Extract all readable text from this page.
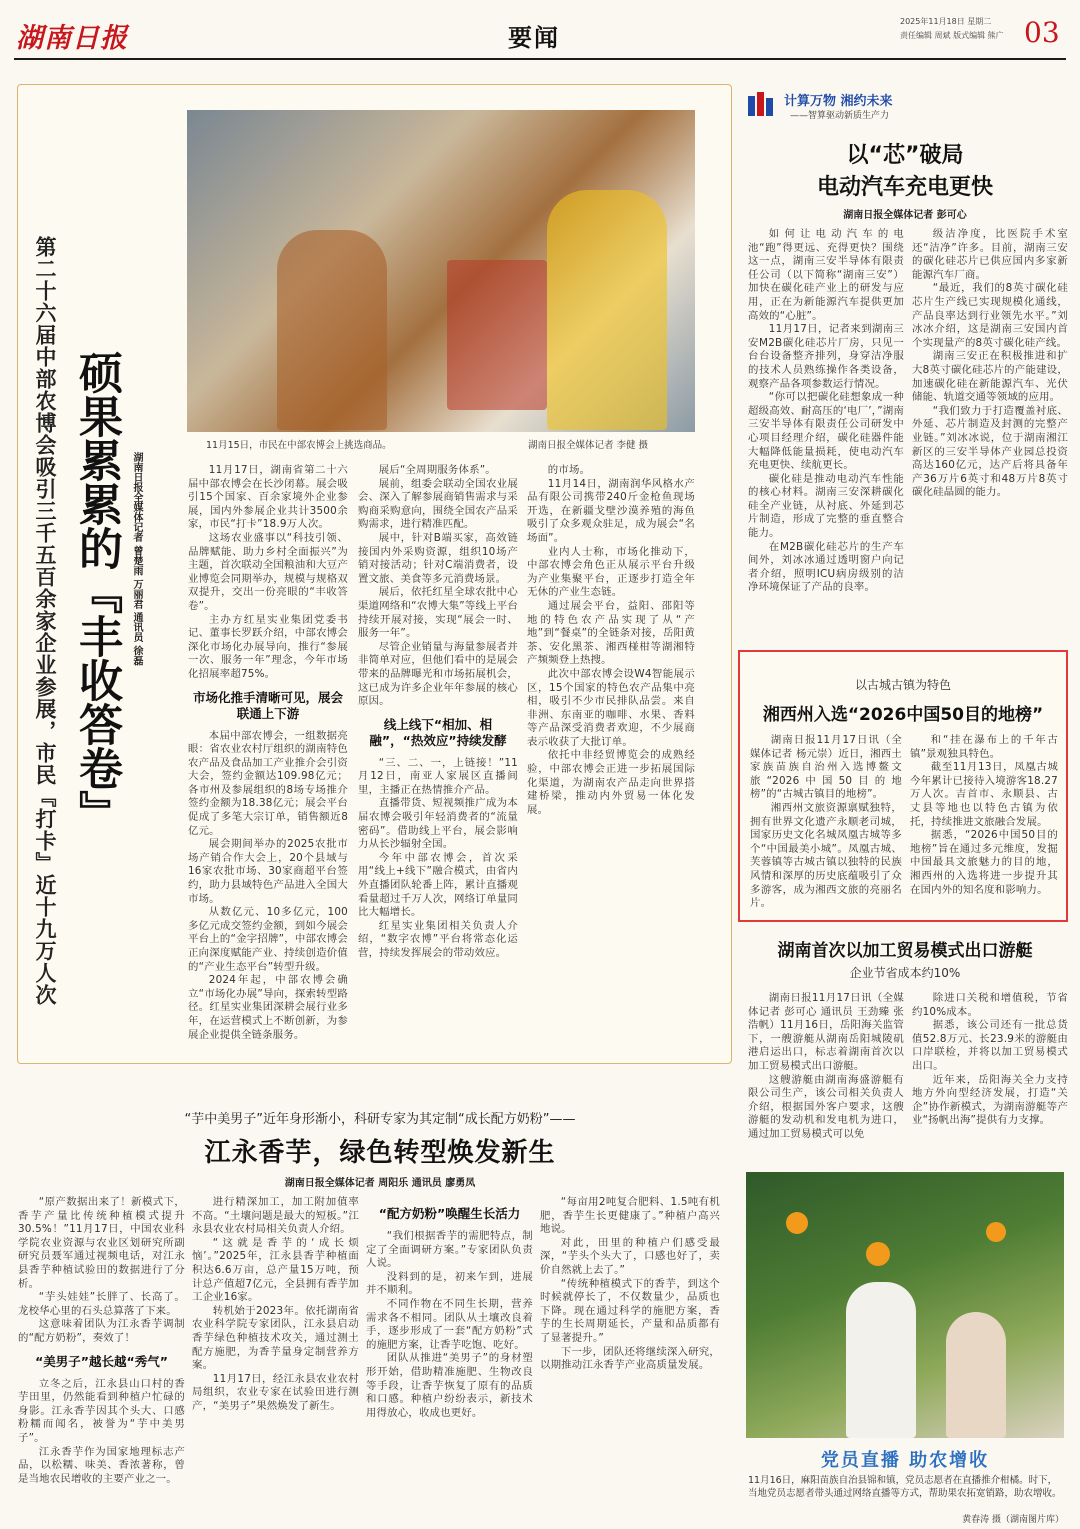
湖南日报	要闻
2025年11月18日 星期二
责任编辑 周斌 版式编辑 熊广 03
第二十六届中部农博会吸引三千五百余家企业参展，市民『打卡』近十九万人次 硕果累累的『丰收答卷』 湖南日报全媒体记者 曾楚雨 万丽君 通讯员 徐磊
11月15日，市民在中部农博会上挑选商品。	湖南日报全媒体记者 李健 摄

11月17日，湖南省第二十六届中部农博会在长沙闭幕。展会吸引15个国家、百余家境外企业参展，国内外参展企业共计3500余家，市民“打卡”18.9万人次。

这场农业盛事以“科技引领、品牌赋能、助力乡村全面振兴”为主题，首次联动全国粮油和大豆产业博览会同期举办，规模与规格双双提升，交出一份亮眼的“丰收答卷”。

主办方红星实业集团党委书记、董事长罗跃介绍，中部农博会深化市场化办展导向，推行“参展一次、服务一年”理念，今年市场化招展率超75%。

市场化推手清晰可见，展会联通上下游

本届中部农博会，一组数据亮眼：省农业农村厅组织的湖南特色农产品及食品加工产业推介会引资大会，签约金额达109.98亿元；各市州及参展组织的8场专场推介签约金额为18.38亿元；展会平台促成了多笔大宗订单，销售额近8亿元。

展会期间举办的2025农批市场产销合作大会上，20个县域与16家农批市场、30家商超平台签约，助力县域特色产品进入全国大市场。

从数亿元、10多亿元，100多亿元成交签约金额，到如今展会平台上的“金字招牌”，中部农博会正向深度赋能产业、持续创造价值的“产业生态平台”转型升级。

2024年起，中部农博会确立“市场化办展”导向，探索转型路径。红星实业集团深耕会展行业多年，在运营模式上不断创新，为参展企业提供全链条服务。

展后“全周期服务体系”。

展前，组委会联动全国农业展会、深入了解参展商销售需求与采购商采购意向，围绕全国农产品采购需求，进行精准匹配。

展中，针对B端买家，高效链接国内外采购资源，组织10场产销对接活动；针对C端消费者，设置文旅、美食等多元消费场景。

展后，依托红星全球农批中心渠道网络和“农博大集”等线上平台持续开展对接，实现“展会一时、服务一年”。

尽管企业销量与海量参展者并非简单对应，但他们看中的是展会带来的品牌曝光和市场拓展机会，这已成为许多企业年年参展的核心原因。

线上线下“相加、相融”，“热效应”持续发酵

“三、二、一，上链接！”11月12日，南亚人家展区直播间里，主播正在热情推介产品。

直播带货、短视频推广成为本届农博会吸引年轻消费者的“流量密码”。借助线上平台，展会影响力从长沙辐射全国。

今年中部农博会，首次采用“线上+线下”融合模式，由省内外直播团队轮番上阵，累计直播观看量超过千万人次，网络订单量同比大幅增长。

红星实业集团相关负责人介绍，“数字农博”平台将常态化运营，持续发挥展会的带动效应。

的市场。

11月14日，湖南润华风格水产品有限公司携带240斤金枪鱼现场开选，在新疆戈壁沙漠养殖的海鱼吸引了众多观众驻足，成为展会“名场面”。

业内人士称，市场化推动下，中部农博会角色正从展示平台升级为产业集聚平台，正逐步打造全年无休的产业生态链。

通过展会平台，益阳、邵阳等地的特色农产品实现了从“产地”到“餐桌”的全链条对接，岳阳黄茶、安化黑茶、湘西椪柑等湖湘特产频频登上热搜。

此次中部农博会设W4智能展示区，15个国家的特色农产品集中亮相，吸引不少市民排队品尝。来自非洲、东南亚的咖啡、水果、香料等产品深受消费者欢迎，不少展商表示收获了大批订单。

依托中非经贸博览会的成熟经验，中部农博会正进一步拓展国际化渠道，为湖南农产品走向世界搭建桥梁，推动内外贸易一体化发展。

计算万物 湘约未来
——智算驱动新质生产力
以“芯”破局
电动汽车充电更快
湖南日报全媒体记者 彭可心

如何让电动汽车的电池“跑”得更远、充得更快？围绕这一点，湖南三安半导体有限责任公司（以下简称“湖南三安”）加快在碳化硅产业上的研发与应用，正在为新能源汽车提供更加高效的“心脏”。

11月17日，记者来到湖南三安M2B碳化硅芯片厂房，只见一台台设备整齐排列，身穿洁净服的技术人员熟练操作各类设备，观察产品各项参数运行情况。

“你可以把碳化硅想象成一种超级高效、耐高压的‘电厂’，”湖南三安半导体有限责任公司研发中心项目经理介绍，碳化硅器件能大幅降低能量损耗，使电动汽车充电更快、续航更长。

碳化硅是推动电动汽车性能的核心材料。湖南三安深耕碳化硅全产业链，从衬底、外延到芯片制造，形成了完整的垂直整合能力。

在M2B碳化硅芯片的生产车间外，刘冰冰通过透明窗户向记者介绍，照明ICU病房级别的洁净环境保证了产品的良率。

级洁净度，比医院手术室还“洁净”许多。目前，湖南三安的碳化硅芯片已供应国内多家新能源汽车厂商。

“最近，我们的8英寸碳化硅芯片生产线已实现规模化通线，产品良率达到行业领先水平。”刘冰冰介绍，这是湖南三安国内首个实现量产的8英寸碳化硅产线。

湖南三安正在积极推进和扩大8英寸碳化硅芯片的产能建设，加速碳化硅在新能源汽车、光伏储能、轨道交通等领域的应用。

“我们致力于打造覆盖衬底、外延、芯片制造及封测的完整产业链。”刘冰冰说，位于湖南湘江新区的三安半导体产业园总投资高达160亿元，达产后将具备年产36万片6英寸和48万片8英寸碳化硅晶圆的能力。

以古城古镇为特色
湘西州入选“2026中国50目的地榜”

湖南日报11月17日讯（全媒体记者 杨元崇）近日，湘西土家族苗族自治州入选博鳌文旅“2026中国50目的地榜”的“古城古镇目的地榜”。

湘西州文旅资源禀赋独特，拥有世界文化遗产永顺老司城，国家历史文化名城凤凰古城等多个“中国最美小城”。凤凰古城、芙蓉镇等古城古镇以独特的民族风情和深厚的历史底蕴吸引了众多游客，成为湘西文旅的亮丽名片。

和“挂在瀑布上的千年古镇”景观独具特色。

截至11月13日，凤凰古城今年累计已接待入境游客18.27万人次。吉首市、永顺县、古丈县等地也以特色古镇为依托，持续推进文旅融合发展。

据悉，“2026中国50目的地榜”旨在通过多元维度，发掘中国最具文旅魅力的目的地，湘西州的入选将进一步提升其在国内外的知名度和影响力。

湖南首次以加工贸易模式出口游艇
企业节省成本约10%

湖南日报11月17日讯（全媒体记者 彭可心 通讯员 王劲臻 张浩帆）11月16日，岳阳海关监管下，一艘游艇从湖南岳阳城陵矶港启运出口，标志着湖南首次以加工贸易模式出口游艇。

这艘游艇由湖南海盛游艇有限公司生产，该公司相关负责人介绍，根据国外客户要求，这艘游艇的发动机和发电机为进口，通过加工贸易模式可以免

除进口关税和增值税，节省约10%成本。

据悉，该公司还有一批总货值52.8万元、长23.9米的游艇由口岸联检，并将以加工贸易模式出口。

近年来，岳阳海关全力支持地方外向型经济发展，打造“关企”协作新模式，为湖南游艇等产业“扬帆出海”提供有力支撑。

“芋中美男子”近年身形渐小，科研专家为其定制“成长配方奶粉”——
江永香芋，绿色转型焕发新生
湖南日报全媒体记者 周阳乐 通讯员 廖勇凤

“原产数据出来了！新模式下，香芋产量比传统种植模式提升30.5%！”11月17日，中国农业科学院农业资源与农业区划研究所副研究员聂军通过视频电话，对江永县香芋种植试验田的数据进行了分析。

“芋头娃娃”长胖了、长高了。龙校华心里的石头总算落了下来。

这意味着团队为江永香芋调制的“配方奶粉”，奏效了！

“美男子”越长越“秀气”

立冬之后，江永县山口村的香芋田里，仍然能看到种植户忙碌的身影。江永香芋因其个头大、口感粉糯而闻名，被誉为“芋中美男子”。

江永香芋作为国家地理标志产品，以松糯、味美、香浓著称，曾是当地农民增收的主要产业之一。

进行精深加工，加工附加值率不高。“土壤问题是最大的短板。”江永县农业农村局相关负责人介绍。

“这就是香芋的‘成长烦恼’。”2025年，江永县香芋种植面积达6.6万亩，总产量15万吨，预计总产值超7亿元，全县拥有香芋加工企业16家。

转机始于2023年。依托湖南省农业科学院专家团队，江永县启动香芋绿色种植技术攻关，通过测土配方施肥，为香芋量身定制营养方案。

11月17日，经江永县农业农村局组织，农业专家在试验田进行测产，“美男子”果然焕发了新生。

“配方奶粉”唤醒生长活力

“我们根据香芋的需肥特点，制定了全面调研方案。”专家团队负责人说。

没料到的是，初来乍到，进展并不顺利。

不同作物在不同生长期，营养需求各不相同。团队从土壤改良着手，逐步形成了一套“配方奶粉”式的施肥方案，让香芋吃饱、吃好。

团队从推进“美男子”的身材塑形开始，借助精准施肥、生物改良等手段，让香芋恢复了原有的品质和口感。种植户纷纷表示，新技术用得放心，收成也更好。

“每亩用2吨复合肥料、1.5吨有机肥，香芋生长更健康了。”种植户高兴地说。

对此，田里的种植户们感受最深，“芋头个头大了，口感也好了，卖价自然就上去了。”

“传统种植模式下的香芋，到这个时候就停长了，不仅数量少，品质也下降。现在通过科学的施肥方案，香芋的生长周期延长，产量和品质都有了显著提升。”

下一步，团队还将继续深入研究，以期推动江永香芋产业高质量发展。

党员直播 助农增收
11月16日，麻阳苗族自治县锦和镇，党员志愿者在直播推介柑橘。时下，当地党员志愿者带头通过网络直播等方式，帮助果农拓宽销路，助农增收。
黄春涛 摄（湖南图片库）
